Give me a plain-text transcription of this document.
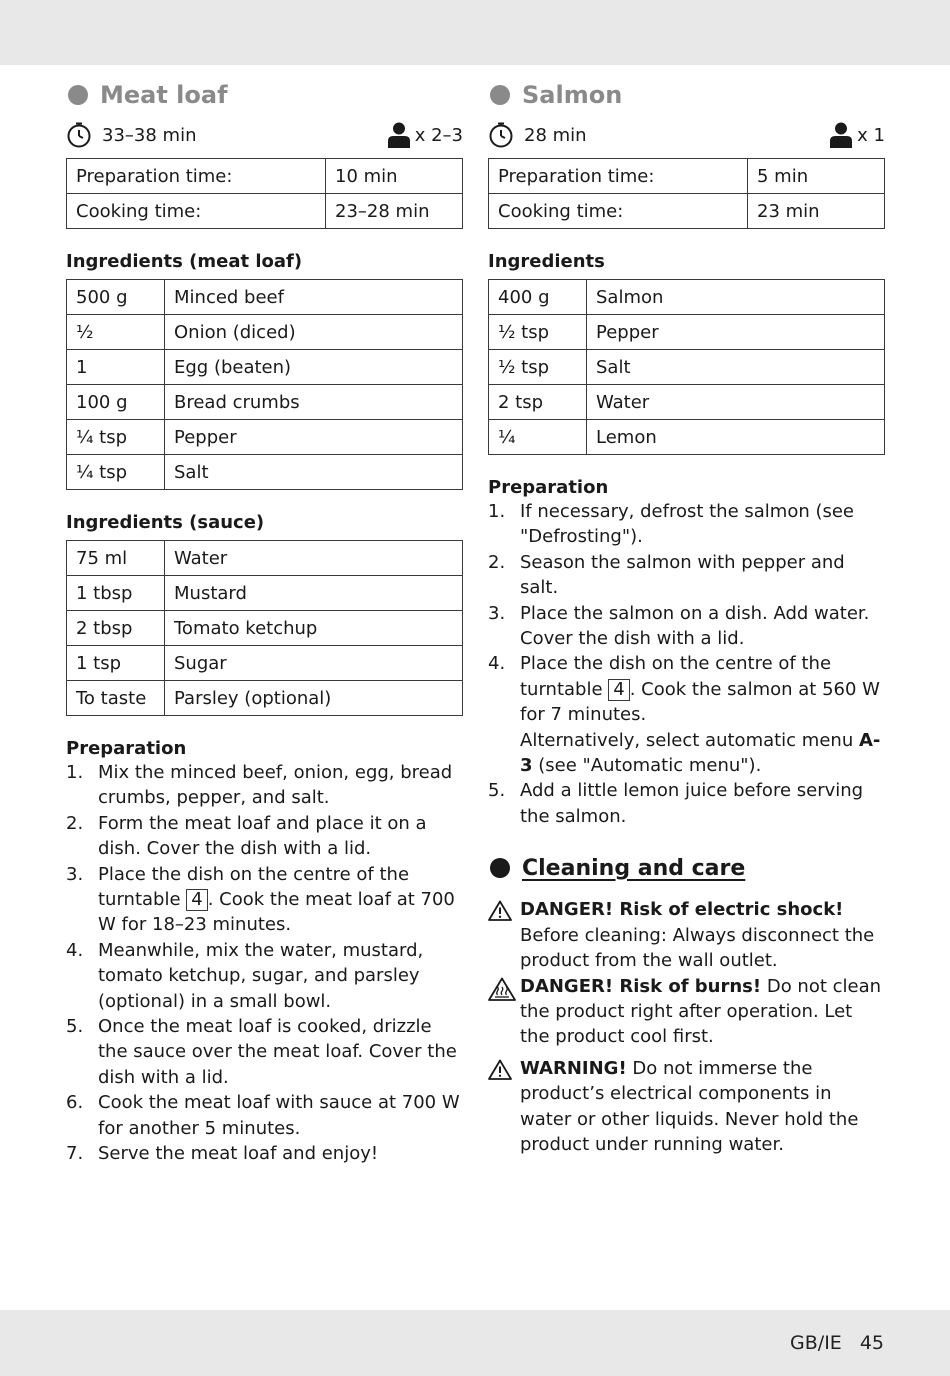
Meat loaf
33–38 min	x 2–3
Preparation time:	10 min
Cooking time:	23–28 min
Ingredients (meat loaf)
500 g	Minced beef
½	Onion (diced)
1	Egg (beaten)
100 g	Bread crumbs
¼ tsp	Pepper
¼ tsp	Salt
Ingredients (sauce)
75 ml	Water
1 tbsp	Mustard
2 tbsp	Tomato ketchup
1 tsp	Sugar
To taste	Parsley (optional)
Preparation
1. Mix the minced beef, onion, egg, bread crumbs, pepper, and salt.
2. Form the meat loaf and place it on a dish. Cover the dish with a lid.
3. Place the dish on the centre of the turntable 4 . Cook the meat loaf at 700 W for 18–23 minutes.
4. Meanwhile, mix the water, mustard, tomato ketchup, sugar, and parsley (optional) in a small bowl.
5. Once the meat loaf is cooked, drizzle the sauce over the meat loaf. Cover the dish with a lid.
6. Cook the meat loaf with sauce at 700 W for another 5 minutes.
7. Serve the meat loaf and enjoy!
Salmon
28 min	x 1
Preparation time:	5 min
Cooking time:	23 min
Ingredients
400 g	Salmon
½ tsp	Pepper
½ tsp	Salt
2 tsp	Water
¼	Lemon
Preparation
1. If necessary, defrost the salmon (see "Defrosting").
2. Season the salmon with pepper and salt.
3. Place the salmon on a dish. Add water. Cover the dish with a lid.
4. Place the dish on the centre of the turntable 4 . Cook the salmon at 560 W for 7 minutes.
Alternatively, select automatic menu A-3 (see "Automatic menu").
5. Add a little lemon juice before serving the salmon.
Cleaning and care
DANGER! Risk of electric shock! Before cleaning: Always disconnect the product from the wall outlet.
DANGER! Risk of burns! Do not clean the product right after operation. Let the product cool first.
WARNING! Do not immerse the product’s electrical components in water or other liquids. Never hold the product under running water.
GB/IE 45
